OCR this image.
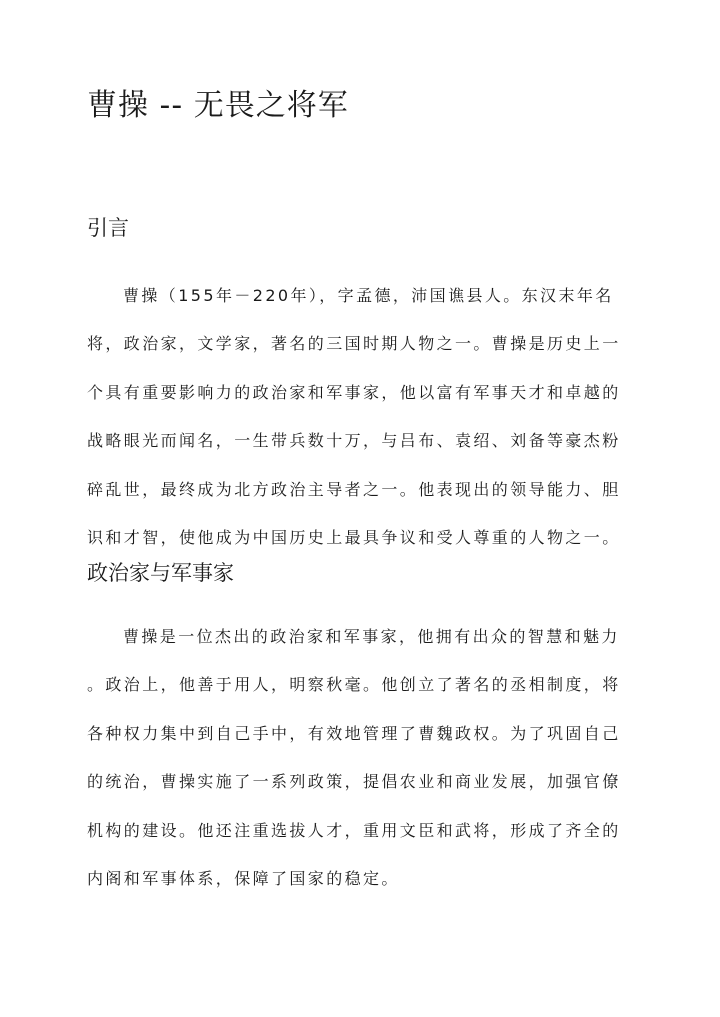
曹操 -- 无畏之将军
引言
曹操（155年－220年），字孟德，沛国谯县人。东汉末年名
将，政治家，文学家，著名的三国时期人物之一。曹操是历史上一
个具有重要影响力的政治家和军事家，他以富有军事天才和卓越的
战略眼光而闻名，一生带兵数十万，与吕布、袁绍、刘备等豪杰粉
碎乱世，最终成为北方政治主导者之一。他表现出的领导能力、胆
识和才智，使他成为中国历史上最具争议和受人尊重的人物之一。
政治家与军事家
曹操是一位杰出的政治家和军事家，他拥有出众的智慧和魅力
。政治上，他善于用人，明察秋毫。他创立了著名的丞相制度，将
各种权力集中到自己手中，有效地管理了曹魏政权。为了巩固自己
的统治，曹操实施了一系列政策，提倡农业和商业发展，加强官僚
机构的建设。他还注重选拔人才，重用文臣和武将，形成了齐全的
内阁和军事体系，保障了国家的稳定。
